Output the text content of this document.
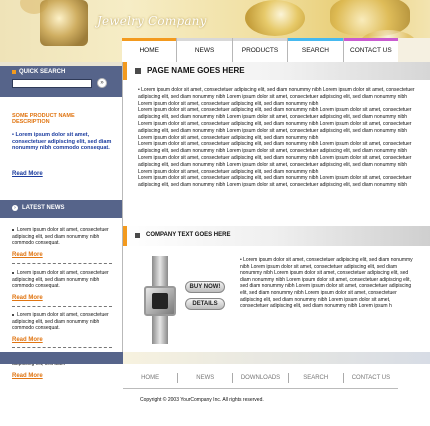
Jewelry Company
HOME	NEWS	PRODUCTS	SEARCH	CONTACT US
QUICK SEARCH
»
SOME PRODUCT NAME DESCRIPTION
• Lorem ipsum dolor sit amet, consectetuer adipiscing elit, sed diam nonummy nibh commodo consequat.
Read More
›	LATEST NEWS
Lorem ipsum dolor sit amet, consectetuer adipiscing elit, sed diam nonummy nibh commodo consequat.
Read More
Lorem ipsum dolor sit amet, consectetuer adipiscing elit, sed diam nonummy nibh commodo consequat.
Read More
Lorem ipsum dolor sit amet, consectetuer adipiscing elit, sed diam nonummy nibh commodo consequat.
Read More
Read More
PAGE NAME GOES HERE

• Lorem ipsum dolor sit amet, consectetuer adipiscing elit, sed diam nonummy nibh Lorem ipsum dolor sit amet, consectetuer adipiscing elit, sed diam nonummy nibh Lorem ipsum dolor sit amet, consectetuer adipiscing elit, sed diam nonummy nibh Lorem ipsum dolor sit amet, consectetuer adipiscing elit, sed diam nonummy nibh

Lorem ipsum dolor sit amet, consectetuer adipiscing elit, sed diam nonummy nibh Lorem ipsum dolor sit amet, consectetuer adipiscing elit, sed diam nonummy nibh Lorem ipsum dolor sit amet, consectetuer adipiscing elit, sed diam nonummy nibh Lorem ipsum dolor sit amet, consectetuer adipiscing elit, sed diam nonummy nibh Lorem ipsum dolor sit amet, consectetuer adipiscing elit, sed diam nonummy nibh Lorem ipsum dolor sit amet, consectetuer adipiscing elit, sed diam nonummy nibh Lorem ipsum dolor sit amet, consectetuer adipiscing elit, sed diam nonummy nibh

Lorem ipsum dolor sit amet, consectetuer adipiscing elit, sed diam nonummy nibh Lorem ipsum dolor sit amet, consectetuer adipiscing elit, sed diam nonummy nibh Lorem ipsum dolor sit amet, consectetuer adipiscing elit, sed diam nonummy nibh Lorem ipsum dolor sit amet, consectetuer adipiscing elit, sed diam nonummy nibh Lorem ipsum dolor sit amet, consectetuer adipiscing elit, sed diam nonummy nibh Lorem ipsum dolor sit amet, consectetuer adipiscing elit, sed diam nonummy nibh Lorem ipsum dolor sit amet, consectetuer adipiscing elit, sed diam nonummy nibh

Lorem ipsum dolor sit amet, consectetuer adipiscing elit, sed diam nonummy nibh Lorem ipsum dolor sit amet, consectetuer adipiscing elit, sed diam nonummy nibh Lorem ipsum dolor sit amet, consectetuer adipiscing elit, sed diam nonummy nibh

COMPANY TEXT GOES HERE
BUY NOW!
DETAILS
• Lorem ipsum dolor sit amet, consectetuer adipiscing elit, sed diam nonummy nibh Lorem ipsum dolor sit amet, consectetuer adipiscing elit, sed diam nonummy nibh Lorem ipsum dolor sit amet, consectetuer adipiscing elit, sed diam nonummy nibh Lorem ipsum dolor sit amet, consectetuer adipiscing elit, sed diam nonummy nibh Lorem ipsum dolor sit amet, consectetuer adipiscing elit, sed diam nonummy nibh Lorem ipsum dolor sit amet, consectetuer adipiscing elit, sed diam nonummy nibh Lorem ipsum dolor sit amet, consectetuer adipiscing elit, sed diam nonummy nibh Lorem ipsum h
HOME	NEWS	DOWNLOADS	SEARCH	CONTACT US
Copyright © 2003 YourCompany Inc. All rights reserved.
